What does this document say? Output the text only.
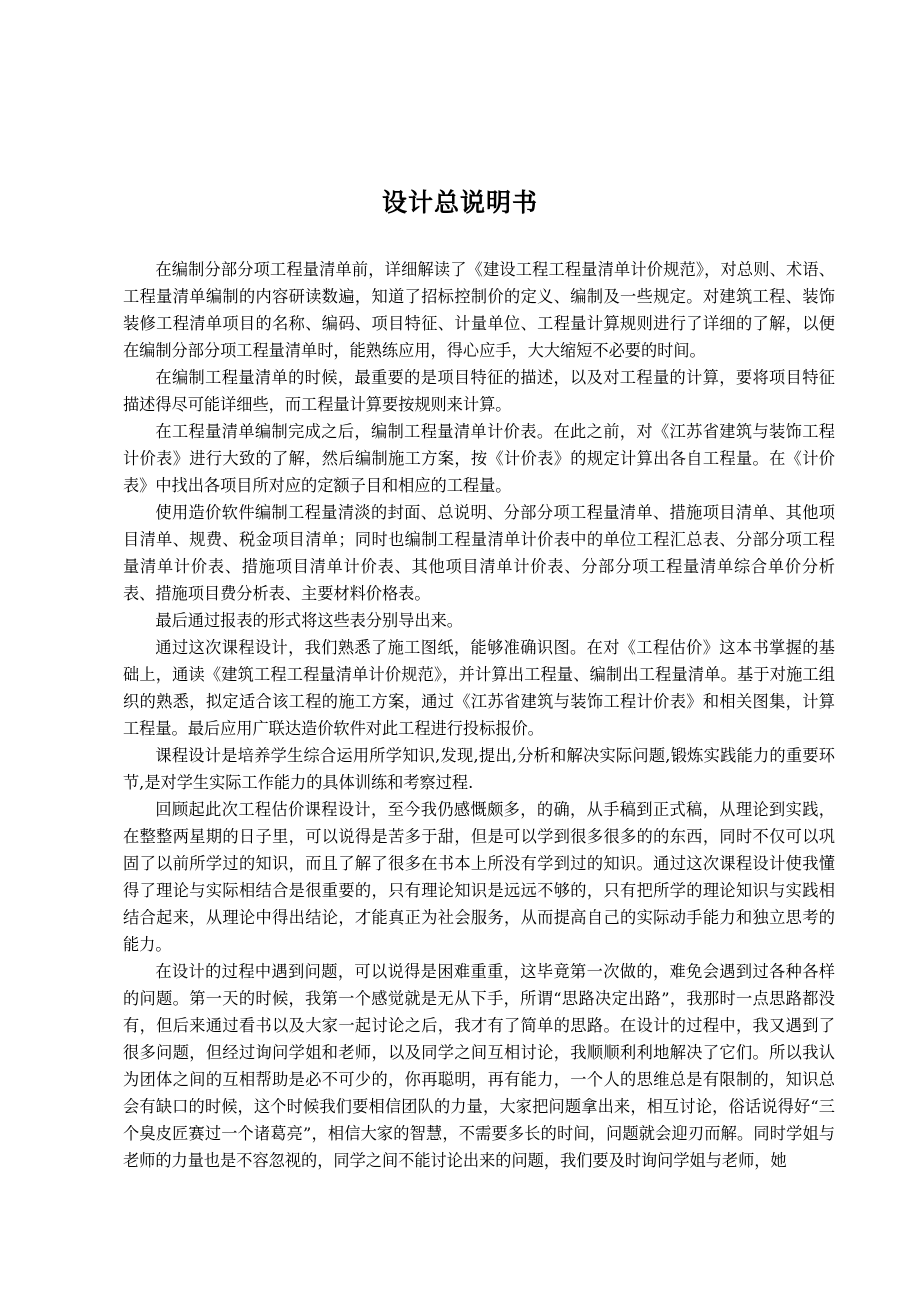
设计总说明书

在编制分部分项工程量清单前，详细解读了《建设工程工程量清单计价规范》，对总则、术语、工程量清单编制的内容研读数遍，知道了招标控制价的定义、编制及一些规定。对建筑工程、装饰装修工程清单项目的名称、编码、项目特征、计量单位、工程量计算规则进行了详细的了解，以便在编制分部分项工程量清单时，能熟练应用，得心应手，大大缩短不必要的时间。

在编制工程量清单的时候，最重要的是项目特征的描述，以及对工程量的计算，要将项目特征描述得尽可能详细些，而工程量计算要按规则来计算。

在工程量清单编制完成之后，编制工程量清单计价表。在此之前，对《江苏省建筑与装饰工程计价表》进行大致的了解，然后编制施工方案，按《计价表》的规定计算出各自工程量。在《计价表》中找出各项目所对应的定额子目和相应的工程量。

使用造价软件编制工程量清淡的封面、总说明、分部分项工程量清单、措施项目清单、其他项目清单、规费、税金项目清单；同时也编制工程量清单计价表中的单位工程汇总表、分部分项工程量清单计价表、措施项目清单计价表、其他项目清单计价表、分部分项工程量清单综合单价分析表、措施项目费分析表、主要材料价格表。

最后通过报表的形式将这些表分别导出来。

通过这次课程设计，我们熟悉了施工图纸，能够准确识图。在对《工程估价》这本书掌握的基础上，通读《建筑工程工程量清单计价规范》，并计算出工程量、编制出工程量清单。基于对施工组织的熟悉，拟定适合该工程的施工方案，通过《江苏省建筑与装饰工程计价表》和相关图集，计算工程量。最后应用广联达造价软件对此工程进行投标报价。

课程设计是培养学生综合运用所学知识,发现,提出,分析和解决实际问题,锻炼实践能力的重要环节,是对学生实际工作能力的具体训练和考察过程.

回顾起此次工程估价课程设计，至今我仍感慨颇多，的确，从手稿到正式稿，从理论到实践，在整整两星期的日子里，可以说得是苦多于甜，但是可以学到很多很多的的东西，同时不仅可以巩固了以前所学过的知识，而且了解了很多在书本上所没有学到过的知识。通过这次课程设计使我懂得了理论与实际相结合是很重要的，只有理论知识是远远不够的，只有把所学的理论知识与实践相结合起来，从理论中得出结论，才能真正为社会服务，从而提高自己的实际动手能力和独立思考的能力。

在设计的过程中遇到问题，可以说得是困难重重，这毕竟第一次做的，难免会遇到过各种各样的问题。第一天的时候，我第一个感觉就是无从下手，所谓“思路决定出路”，我那时一点思路都没有，但后来通过看书以及大家一起讨论之后，我才有了简单的思路。在设计的过程中，我又遇到了很多问题，但经过询问学姐和老师，以及同学之间互相讨论，我顺顺利利地解决了它们。所以我认为团体之间的互相帮助是必不可少的，你再聪明，再有能力，一个人的思维总是有限制的，知识总会有缺口的时候，这个时候我们要相信团队的力量，大家把问题拿出来，相互讨论，俗话说得好“三个臭皮匠赛过一个诸葛亮”，相信大家的智慧，不需要多长的时间，问题就会迎刃而解。同时学姐与老师的力量也是不容忽视的，同学之间不能讨论出来的问题，我们要及时询问学姐与老师，她
